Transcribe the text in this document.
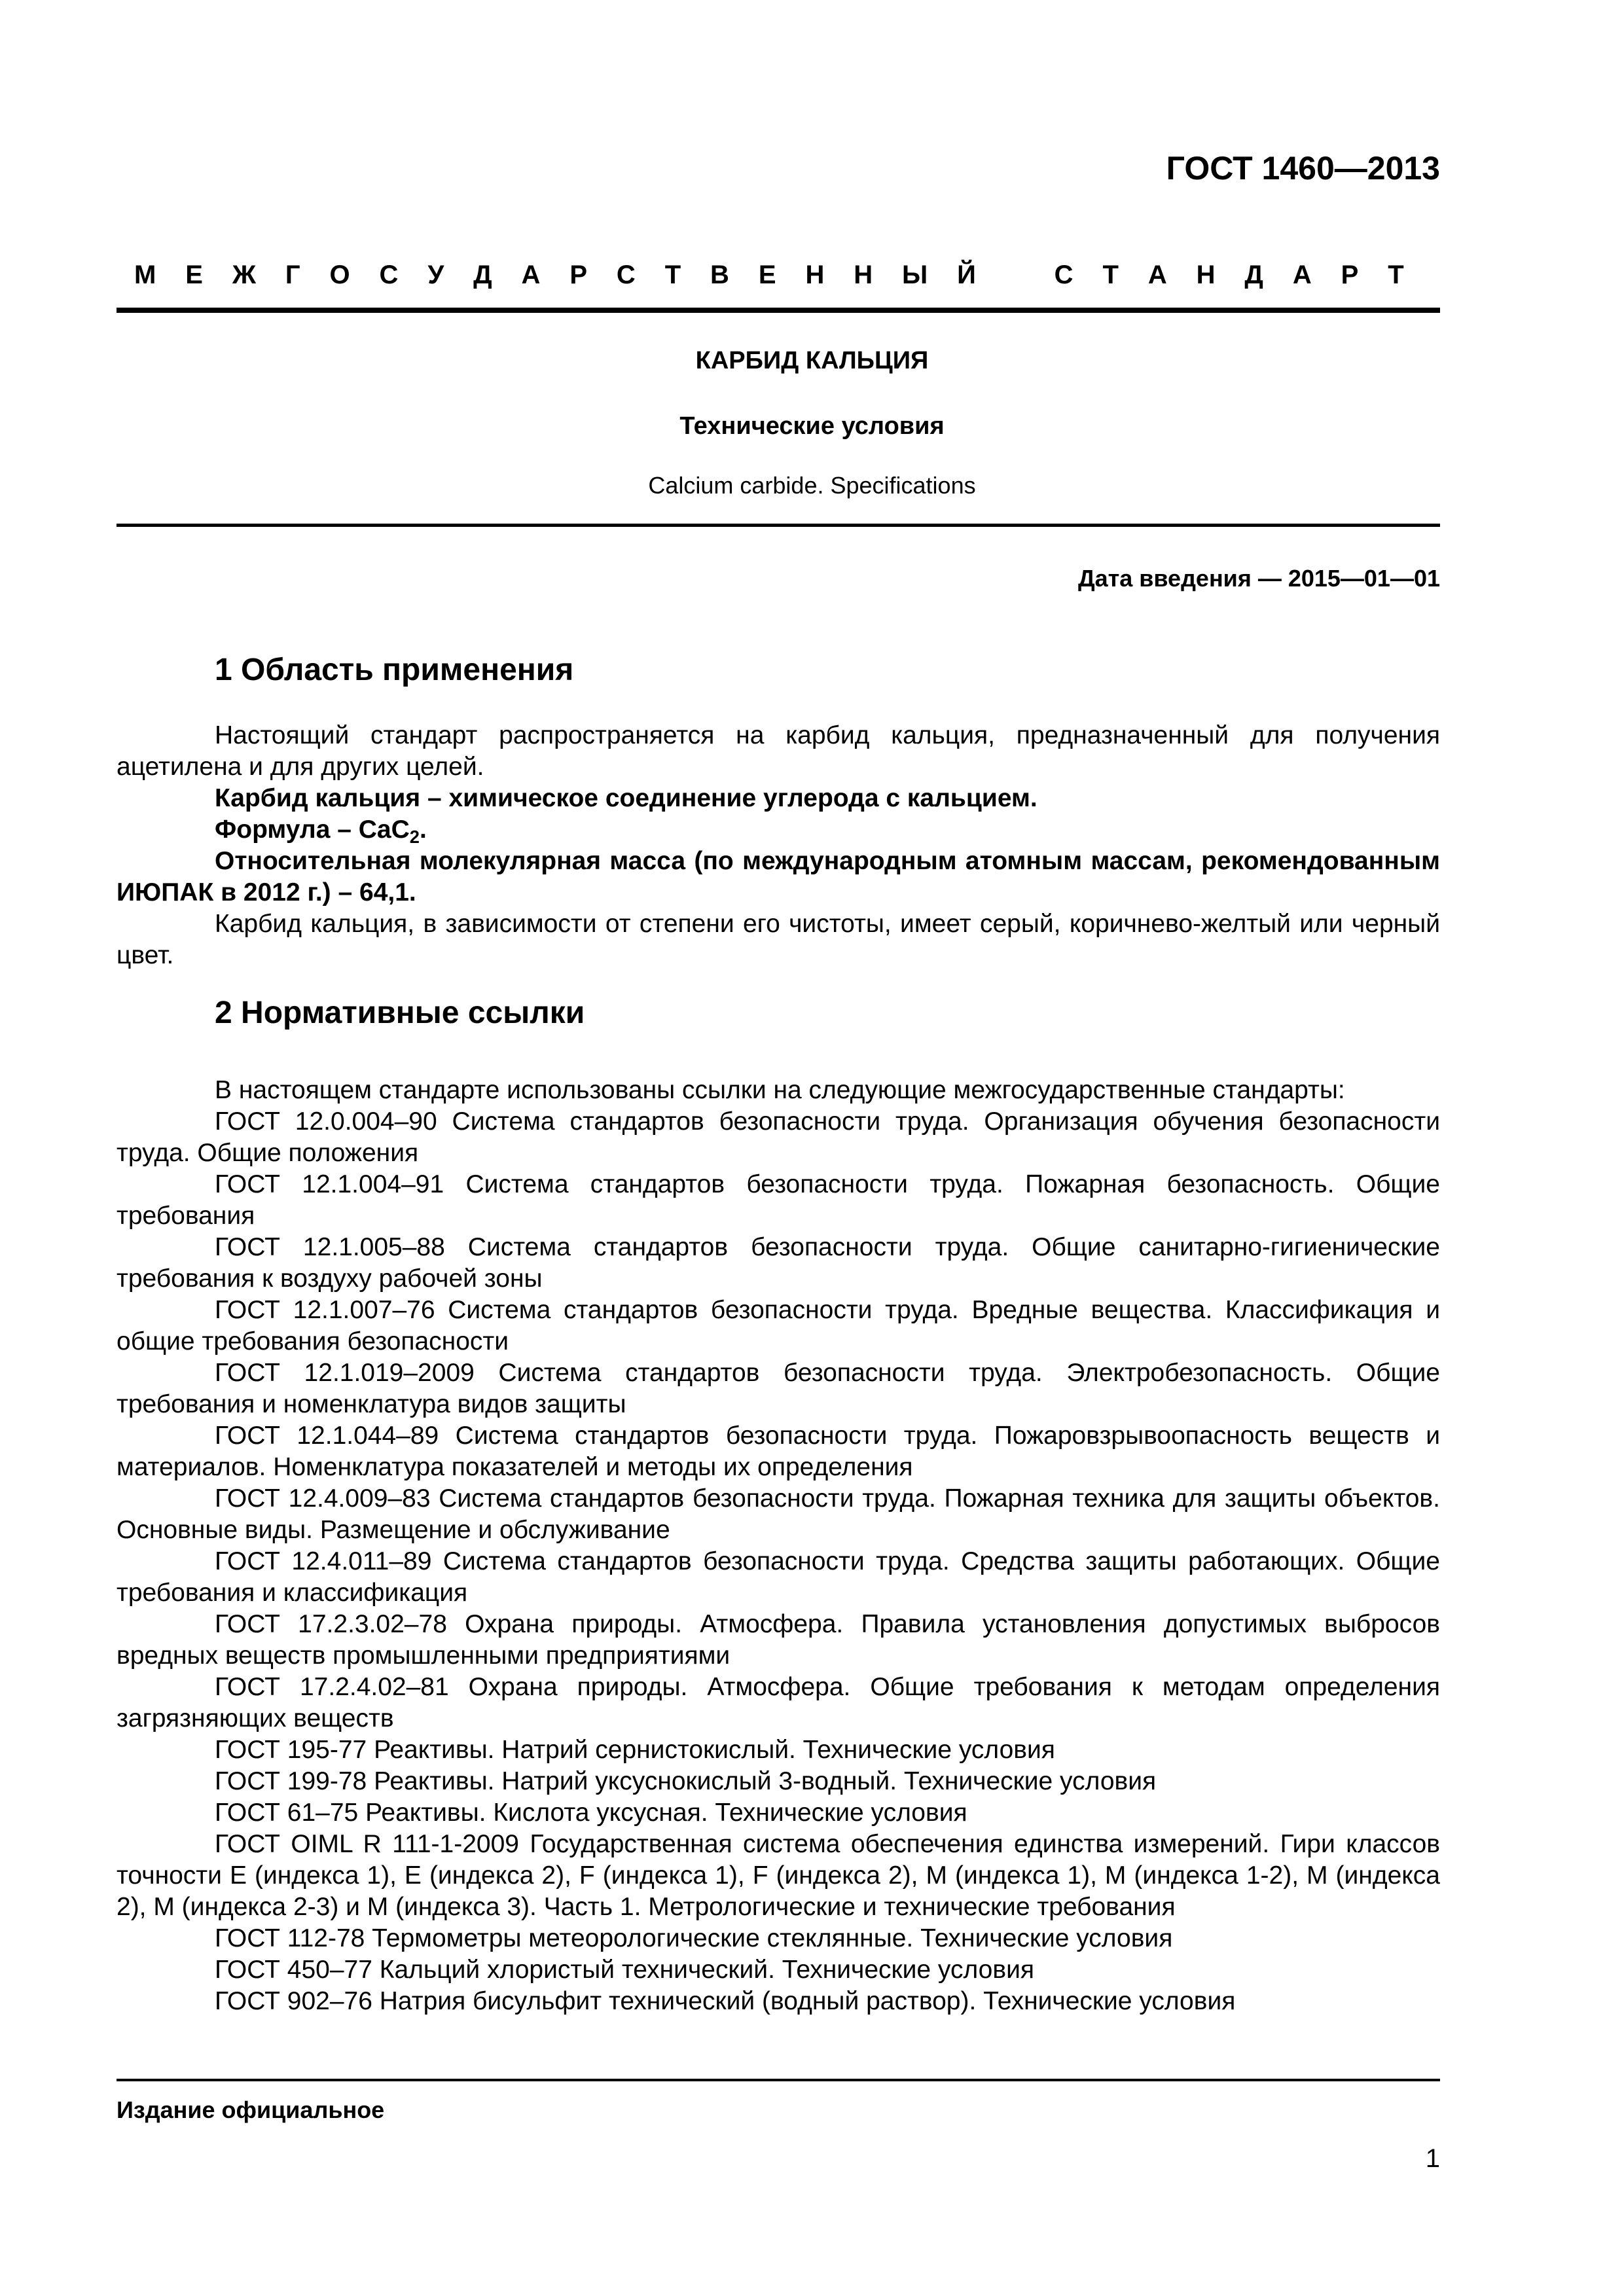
ГОСТ 1460—2013

М Е Ж Г О С У Д А Р С Т В Е Н Н Ы Й	С Т А Н Д А Р Т

КАРБИД КАЛЬЦИЯ

Технические условия

Calcium carbide. Specifications

Дата введения — 2015—01—01

1 Область применения

Настоящий стандарт распространяется на карбид кальция, предназначенный для получения ацетилена и для других целей.

Карбид кальция – химическое соединение углерода с кальцием.

Формула – CaC$_2$.

Относительная молекулярная масса (по международным атомным массам, рекомендованным ИЮПАК в 2012 г.) – 64,1.

Карбид кальция, в зависимости от степени его чистоты, имеет серый, коричнево-желтый или черный цвет.

2 Нормативные ссылки

В настоящем стандарте использованы ссылки на следующие межгосударственные стандарты:

ГОСТ 12.0.004–90 Система стандартов безопасности труда. Организация обучения безопасности труда. Общие положения

ГОСТ 12.1.004–91 Система стандартов безопасности труда. Пожарная безопасность. Общие требования

ГОСТ 12.1.005–88 Система стандартов безопасности труда. Общие санитарно-гигиенические требования к воздуху рабочей зоны

ГОСТ 12.1.007–76 Система стандартов безопасности труда. Вредные вещества. Классификация и общие требования безопасности

ГОСТ 12.1.019–2009 Система стандартов безопасности труда. Электробезопасность. Общие требования и номенклатура видов защиты

ГОСТ 12.1.044–89 Система стандартов безопасности труда. Пожаровзрывоопасность веществ и материалов. Номенклатура показателей и методы их определения

ГОСТ 12.4.009–83 Система стандартов безопасности труда. Пожарная техника для защиты объектов. Основные виды. Размещение и обслуживание

ГОСТ 12.4.011–89 Система стандартов безопасности труда. Средства защиты работающих. Общие требования и классификация

ГОСТ 17.2.3.02–78 Охрана природы. Атмосфера. Правила установления допустимых выбросов вредных веществ промышленными предприятиями

ГОСТ 17.2.4.02–81 Охрана природы. Атмосфера. Общие требования к методам определения загрязняющих веществ

ГОСТ 195-77 Реактивы. Натрий сернистокислый. Технические условия

ГОСТ 199-78 Реактивы. Натрий уксуснокислый 3-водный. Технические условия

ГОСТ 61–75 Реактивы. Кислота уксусная. Технические условия

ГОСТ OIML R 111-1-2009 Государственная система обеспечения единства измерений. Гири классов точности E (индекса 1), E (индекса 2), F (индекса 1), F (индекса 2), M (индекса 1), M (индекса 1-2), M (индекса 2), M (индекса 2-3) и M (индекса 3). Часть 1. Метрологические и технические требования

ГОСТ 112-78 Термометры метеорологические стеклянные. Технические условия

ГОСТ 450–77 Кальций хлористый технический. Технические условия

ГОСТ 902–76 Натрия бисульфит технический (водный раствор). Технические условия

Издание официальное

1
